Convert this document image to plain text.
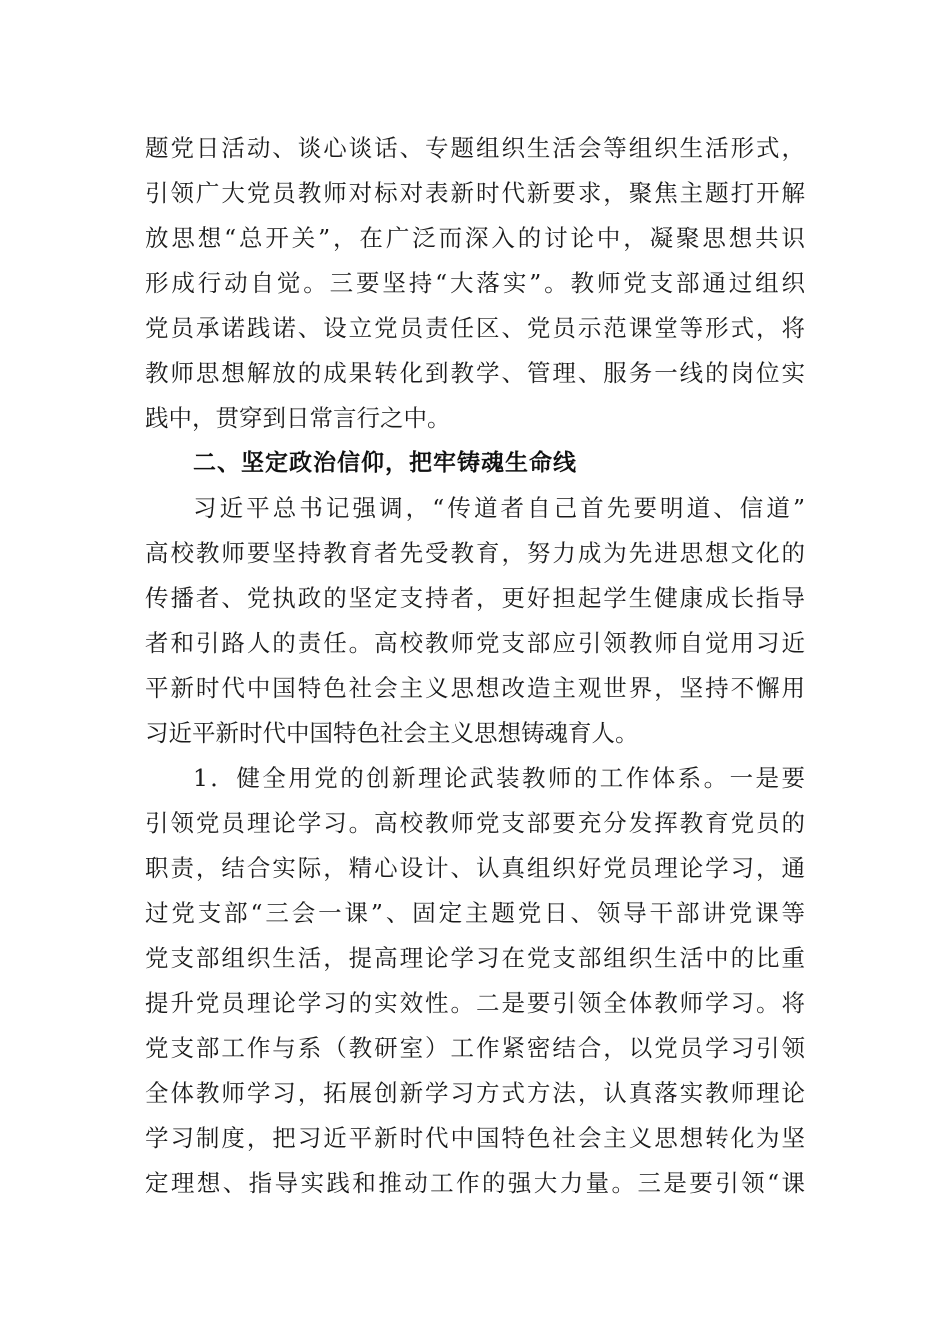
题党日活动、谈心谈话、专题组织生活会等组织生活形式，
引领广大党员教师对标对表新时代新要求，聚焦主题打开解
放思想“总开关”，在广泛而深入的讨论中，凝聚思想共识
形成行动自觉。三要坚持“大落实”。教师党支部通过组织
党员承诺践诺、设立党员责任区、党员示范课堂等形式，将
教师思想解放的成果转化到教学、管理、服务一线的岗位实
践中，贯穿到日常言行之中。
二、坚定政治信仰，把牢铸魂生命线
习近平总书记强调，“传道者自己首先要明道、信道”
高校教师要坚持教育者先受教育，努力成为先进思想文化的
传播者、党执政的坚定支持者，更好担起学生健康成长指导
者和引路人的责任。高校教师党支部应引领教师自觉用习近
平新时代中国特色社会主义思想改造主观世界，坚持不懈用
习近平新时代中国特色社会主义思想铸魂育人。
1．健全用党的创新理论武装教师的工作体系。一是要
引领党员理论学习。高校教师党支部要充分发挥教育党员的
职责，结合实际，精心设计、认真组织好党员理论学习，通
过党支部“三会一课”、固定主题党日、领导干部讲党课等
党支部组织生活，提高理论学习在党支部组织生活中的比重
提升党员理论学习的实效性。二是要引领全体教师学习。将
党支部工作与系（教研室）工作紧密结合，以党员学习引领
全体教师学习，拓展创新学习方式方法，认真落实教师理论
学习制度，把习近平新时代中国特色社会主义思想转化为坚
定理想、指导实践和推动工作的强大力量。三是要引领“课
